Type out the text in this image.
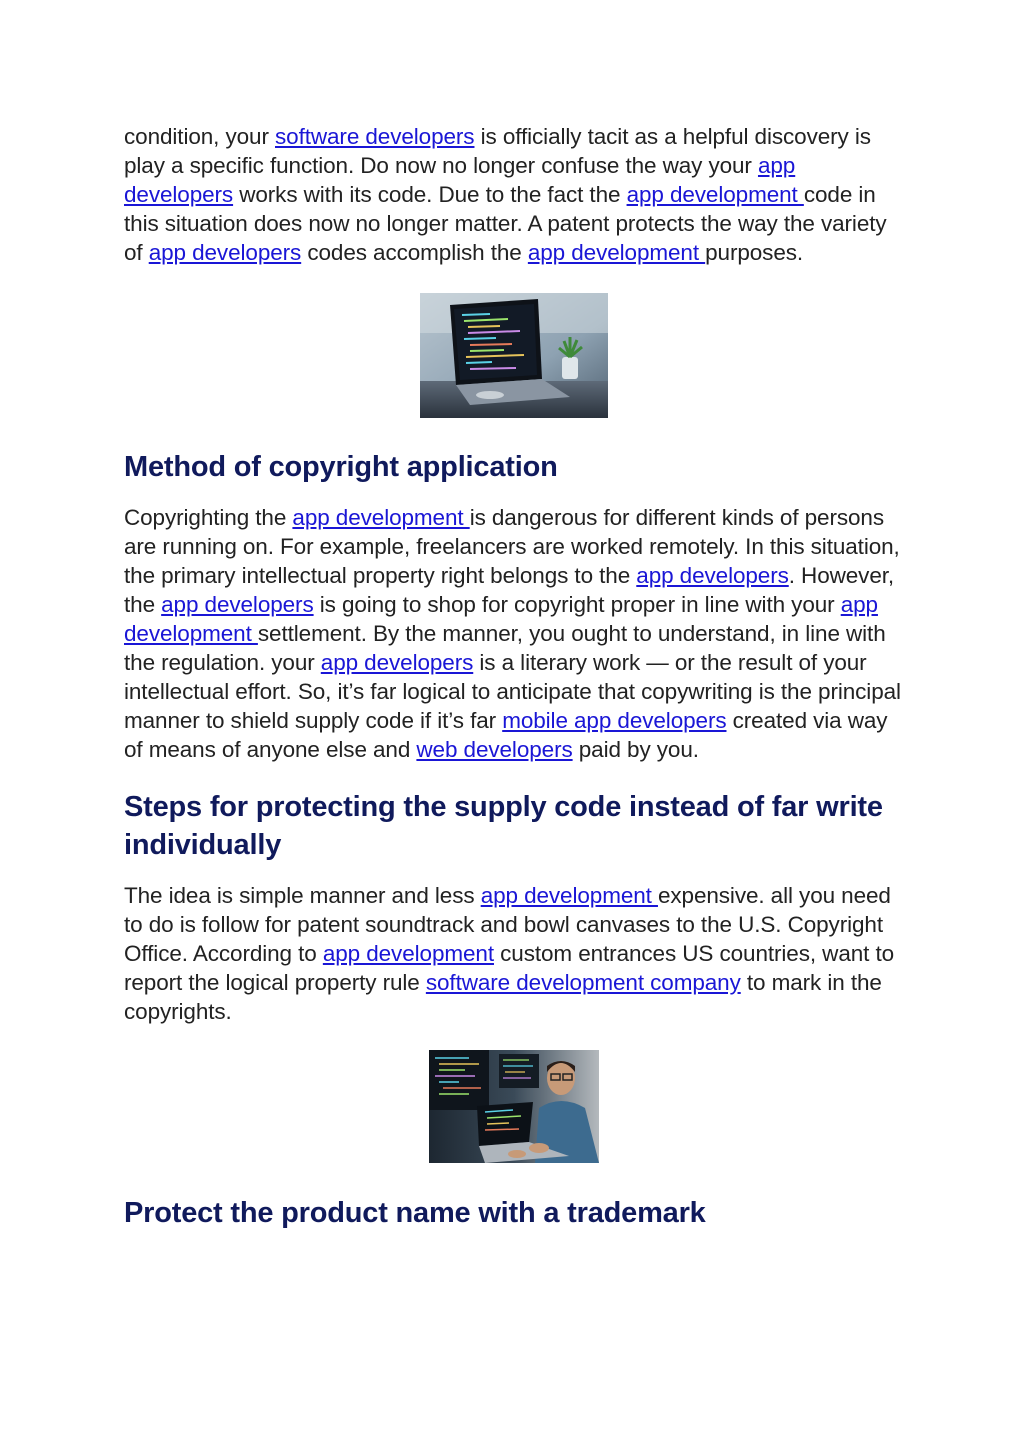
condition, your software developers is officially tacit as a helpful discovery is play a specific function. Do now no longer confuse the way your app developers works with its code. Due to the fact the app development code in this situation does now no longer matter. A patent protects the way the variety of app developers codes accomplish the app development purposes.

Method of copyright application

Copyrighting the app development is dangerous for different kinds of persons are running on. For example, freelancers are worked remotely. In this situation, the primary intellectual property right belongs to the app developers. However, the app developers is going to shop for copyright proper in line with your app development settlement. By the manner, you ought to understand, in line with the regulation. your app developers is a literary work — or the result of your intellectual effort. So, it’s far logical to anticipate that copywriting is the principal manner to shield supply code if it’s far mobile app developers created via way of means of anyone else and web developers paid by you.

Steps for protecting the supply code instead of far write individually

The idea is simple manner and less app development expensive. all you need to do is follow for patent soundtrack and bowl canvases to the U.S. Copyright Office. According to app development custom entrances US countries, want to report the logical property rule software development company to mark in the copyrights.

Protect the product name with a trademark
